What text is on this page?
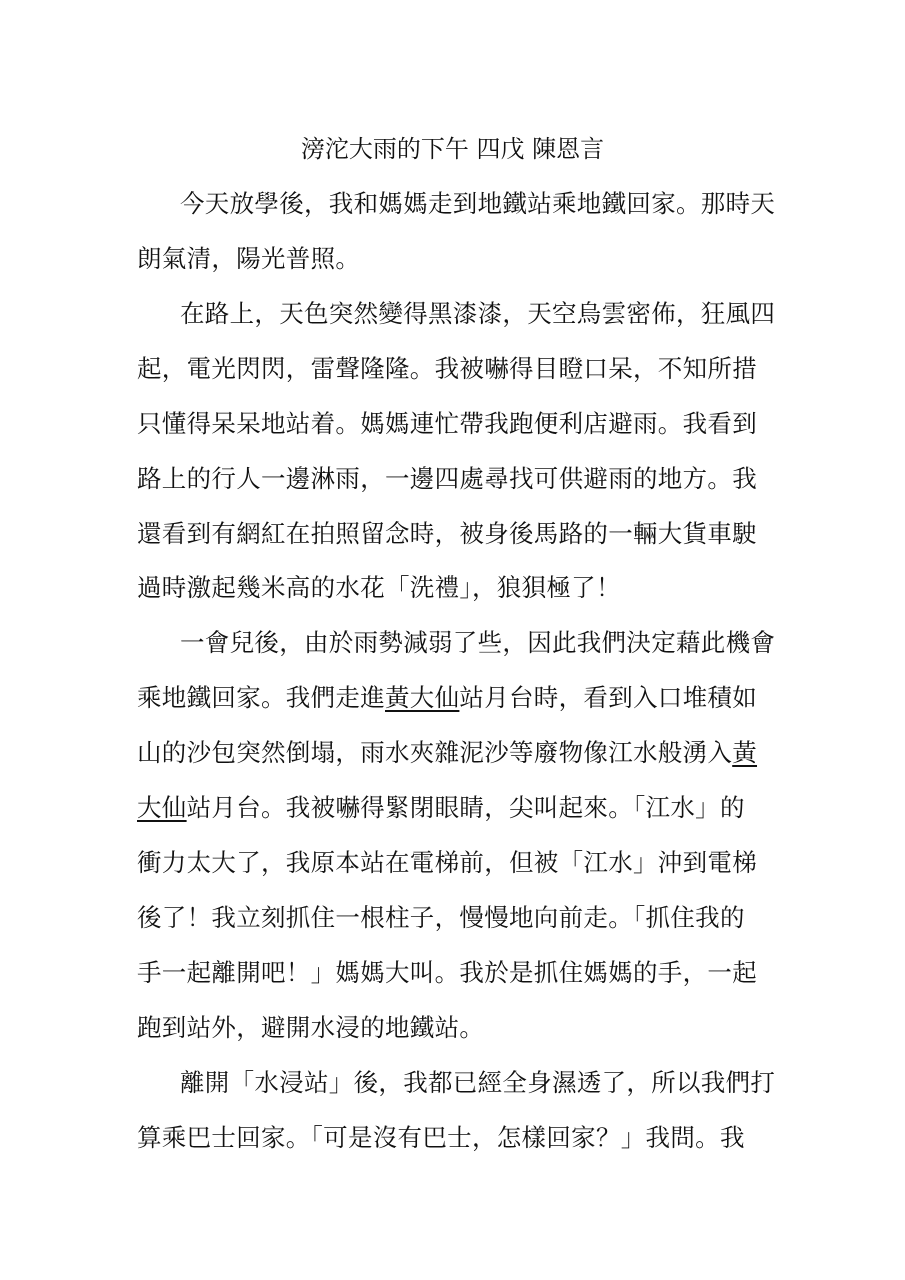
滂沱大雨的下午 四戊 陳恩言
今天放學後，我和媽媽走到地鐵站乘地鐵回家。那時天
朗氣清，陽光普照。
在路上，天色突然變得黑漆漆，天空烏雲密佈，狂風四
起，電光閃閃，雷聲隆隆。我被嚇得目瞪口呆，不知所措
只懂得呆呆地站着。媽媽連忙帶我跑便利店避雨。我看到
路上的行人一邊淋雨，一邊四處尋找可供避雨的地方。我
還看到有網紅在拍照留念時，被身後馬路的一輛大貨車駛
過時激起幾米高的水花「洗禮」，狼狽極了！
一會兒後，由於雨勢減弱了些，因此我們決定藉此機會
乘地鐵回家。我們走進黃大仙站月台時，看到入口堆積如
山的沙包突然倒塌，雨水夾雜泥沙等廢物像江水般湧入黃
大仙站月台。我被嚇得緊閉眼睛，尖叫起來。「江水」的
衝力太大了，我原本站在電梯前，但被「江水」沖到電梯
後了！我立刻抓住一根柱子，慢慢地向前走。「抓住我的
手一起離開吧！」媽媽大叫。我於是抓住媽媽的手，一起
跑到站外，避開水浸的地鐵站。
離開「水浸站」後，我都已經全身濕透了，所以我們打
算乘巴士回家。「可是沒有巴士，怎樣回家？」我問。我
